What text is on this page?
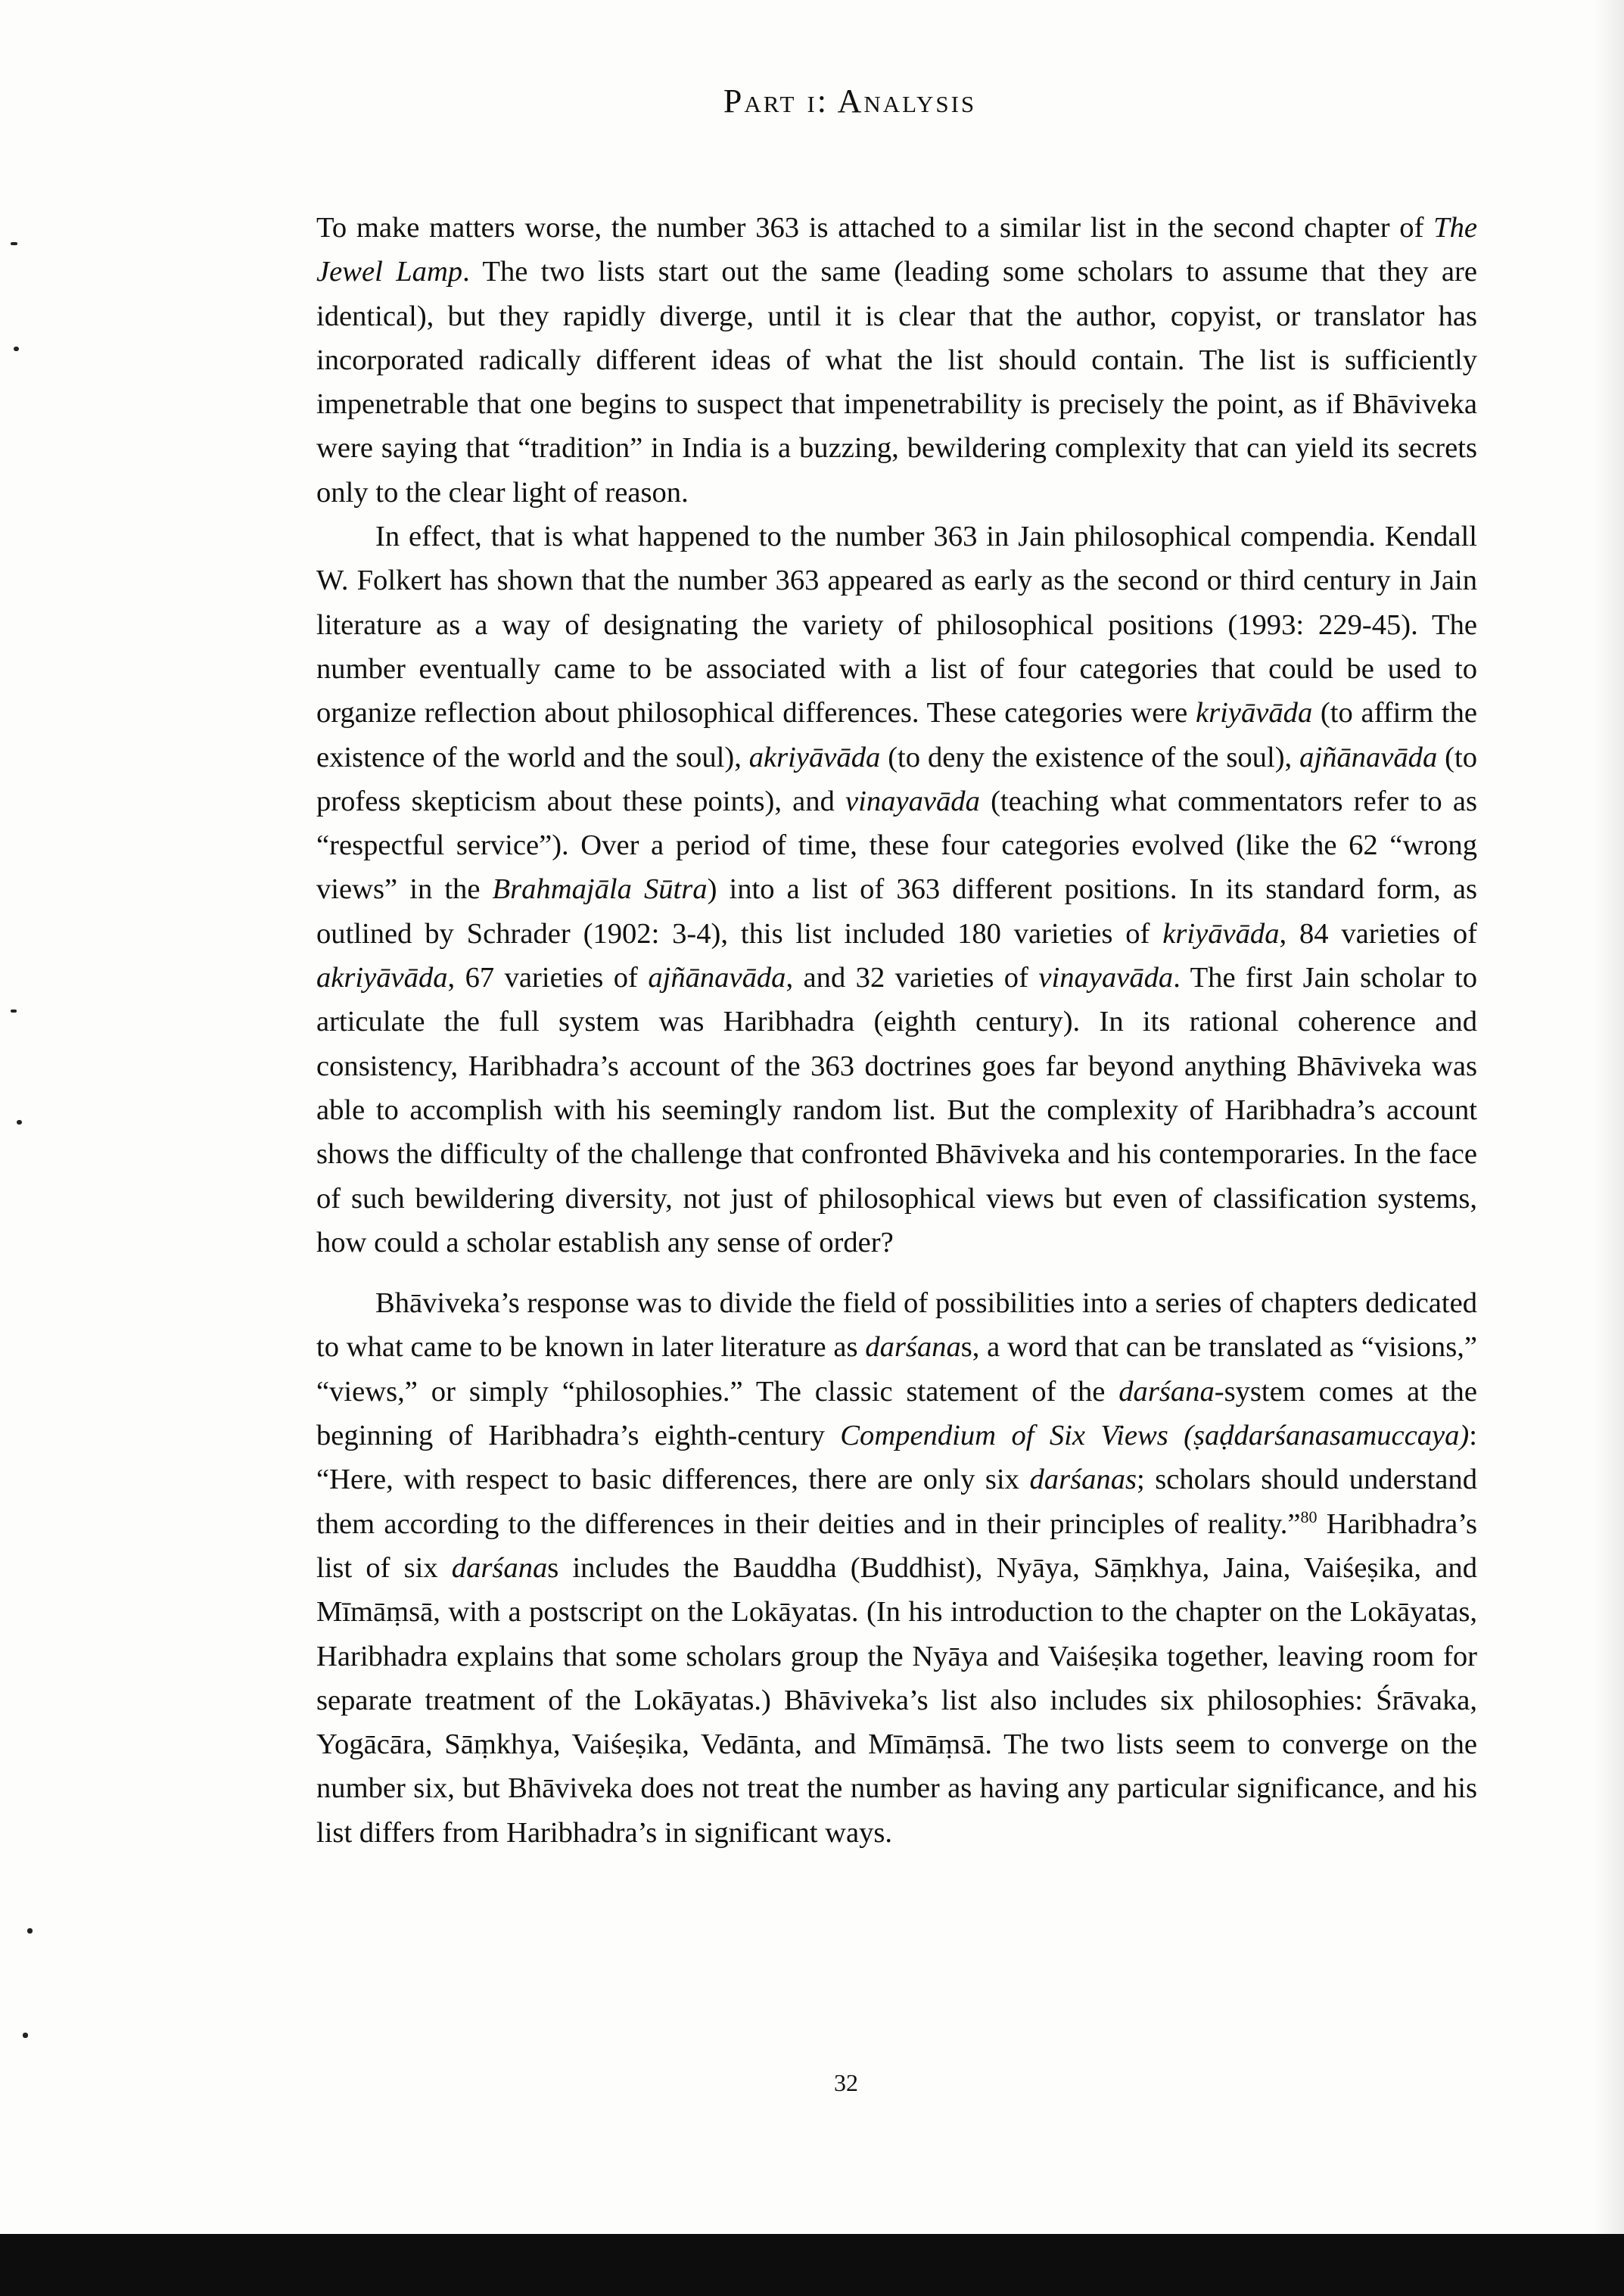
Part i: Analysis

To make matters worse, the number 363 is attached to a similar list in the second chapter of The Jewel Lamp. The two lists start out the same (leading some scholars to assume that they are identical), but they rapidly diverge, until it is clear that the author, copyist, or translator has incorporated radically different ideas of what the list should contain. The list is sufficiently impenetrable that one begins to suspect that impenetrability is precisely the point, as if Bhāviveka were saying that “tradition” in India is a buzzing, bewildering complexity that can yield its secrets only to the clear light of reason.

In effect, that is what happened to the number 363 in Jain philosophical compendia. Kendall W. Folkert has shown that the number 363 appeared as early as the second or third century in Jain literature as a way of designating the variety of philosophical positions (1993: 229-45). The number eventually came to be associated with a list of four categories that could be used to organize reflection about philosophical differences. These categories were kriyāvāda (to affirm the existence of the world and the soul), akriyāvāda (to deny the existence of the soul), ajñānavāda (to profess skepticism about these points), and vinayavāda (teaching what commentators refer to as “respectful service”). Over a period of time, these four categories evolved (like the 62 “wrong views” in the Brahmajāla Sūtra) into a list of 363 different positions. In its standard form, as outlined by Schrader (1902: 3-4), this list included 180 varieties of kriyāvāda, 84 varieties of akriyāvāda, 67 varieties of ajñānavāda, and 32 varieties of vinayavāda. The first Jain scholar to articulate the full system was Haribhadra (eighth century). In its rational coherence and consistency, Haribhadra’s account of the 363 doctrines goes far beyond anything Bhāviveka was able to accomplish with his seemingly random list. But the complexity of Haribhadra’s account shows the difficulty of the challenge that confronted Bhāviveka and his contemporaries. In the face of such bewildering diversity, not just of philosophical views but even of classification systems, how could a scholar establish any sense of order?

Bhāviveka’s response was to divide the field of possibilities into a series of chapters dedicated to what came to be known in later literature as darśanas, a word that can be translated as “visions,” “views,” or simply “philosophies.” The classic statement of the darśana-system comes at the beginning of Haribhadra’s eighth-century Compendium of Six Views (ṣaḍdarśanasamuccaya): “Here, with respect to basic differences, there are only six darśanas; scholars should understand them according to the differences in their deities and in their principles of reality.”$^{80}$ Haribhadra’s list of six darśanas includes the Bauddha (Buddhist), Nyāya, Sāṃkhya, Jaina, Vaiśeṣika, and Mīmāṃsā, with a postscript on the Lokāyatas. (In his introduction to the chapter on the Lokāyatas, Haribhadra explains that some scholars group the Nyāya and Vaiśeṣika together, leaving room for separate treatment of the Lokāyatas.) Bhāviveka’s list also includes six philosophies: Śrāvaka, Yogācāra, Sāṃkhya, Vaiśeṣika, Vedānta, and Mīmāṃsā. The two lists seem to converge on the number six, but Bhāviveka does not treat the number as having any particular significance, and his list differs from Haribhadra’s in significant ways.

32
